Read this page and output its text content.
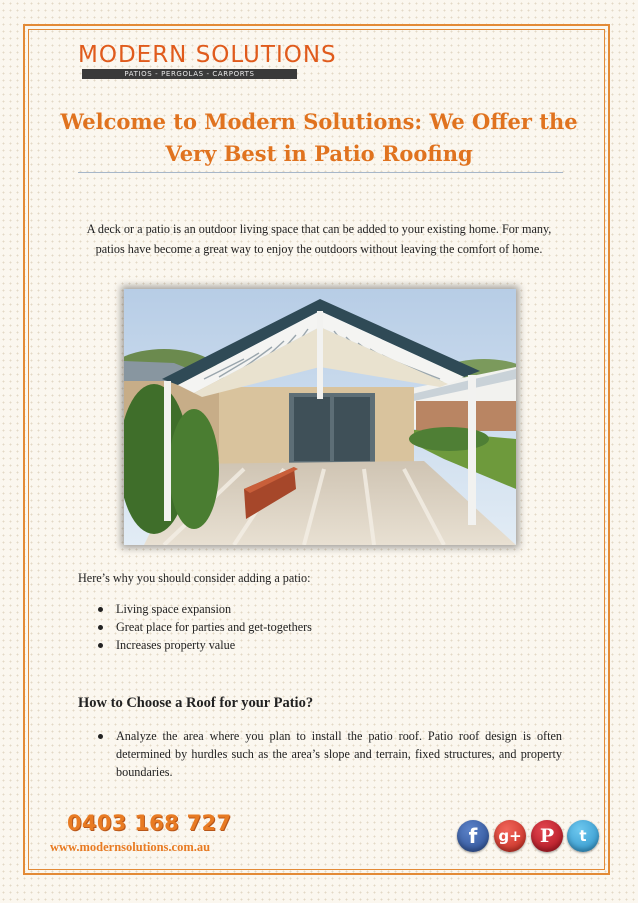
MODERN SOLUTIONS
PATIOS - PERGOLAS - CARPORTS
Welcome to Modern Solutions: We Offer the Very Best in Patio Roofing

A deck or a patio is an outdoor living space that can be added to your existing home. For many, patios have become a great way to enjoy the outdoors without leaving the comfort of home.

Here’s why you should consider adding a patio:

Living space expansion
Great place for parties and get-togethers
Increases property value
How to Choose a Roof for your Patio?
Analyze the area where you plan to install the patio roof. Patio roof design is often determined by hurdles such as the area’s slope and terrain, fixed structures, and property boundaries.

0403 168 727

www.modernsolutions.com.au	f g+ P t
